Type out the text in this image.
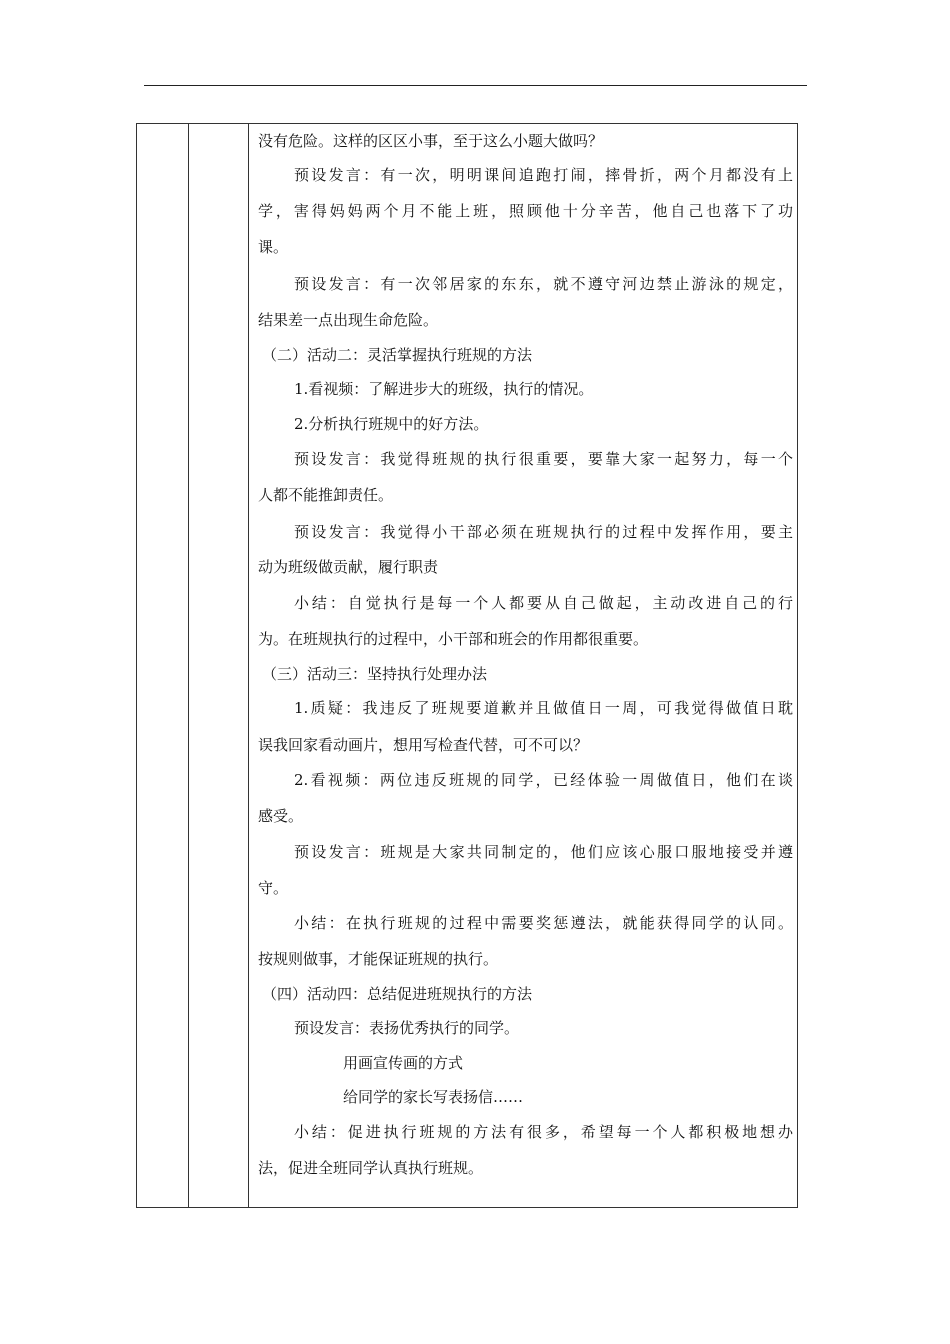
没有危险。这样的区区小事，至于这么小题大做吗？
预设发言：有一次，明明课间追跑打闹，摔骨折，两个月都没有上
学，害得妈妈两个月不能上班，照顾他十分辛苦，他自己也落下了功
课。
预设发言：有一次邻居家的东东，就不遵守河边禁止游泳的规定，
结果差一点出现生命危险。
（二）活动二：灵活掌握执行班规的方法
1.看视频：了解进步大的班级，执行的情况。
2.分析执行班规中的好方法。
预设发言：我觉得班规的执行很重要，要靠大家一起努力，每一个
人都不能推卸责任。
预设发言：我觉得小干部必须在班规执行的过程中发挥作用，要主
动为班级做贡献，履行职责
小结：自觉执行是每一个人都要从自己做起，主动改进自己的行
为。在班规执行的过程中，小干部和班会的作用都很重要。
（三）活动三：坚持执行处理办法
1.质疑：我违反了班规要道歉并且做值日一周，可我觉得做值日耽
误我回家看动画片，想用写检查代替，可不可以？
2.看视频：两位违反班规的同学，已经体验一周做值日，他们在谈
感受。
预设发言：班规是大家共同制定的，他们应该心服口服地接受并遵
守。
小结：在执行班规的过程中需要奖惩遵法，就能获得同学的认同。
按规则做事，才能保证班规的执行。
（四）活动四：总结促进班规执行的方法
预设发言：表扬优秀执行的同学。
用画宣传画的方式
给同学的家长写表扬信……
小结：促进执行班规的方法有很多，希望每一个人都积极地想办
法，促进全班同学认真执行班规。
